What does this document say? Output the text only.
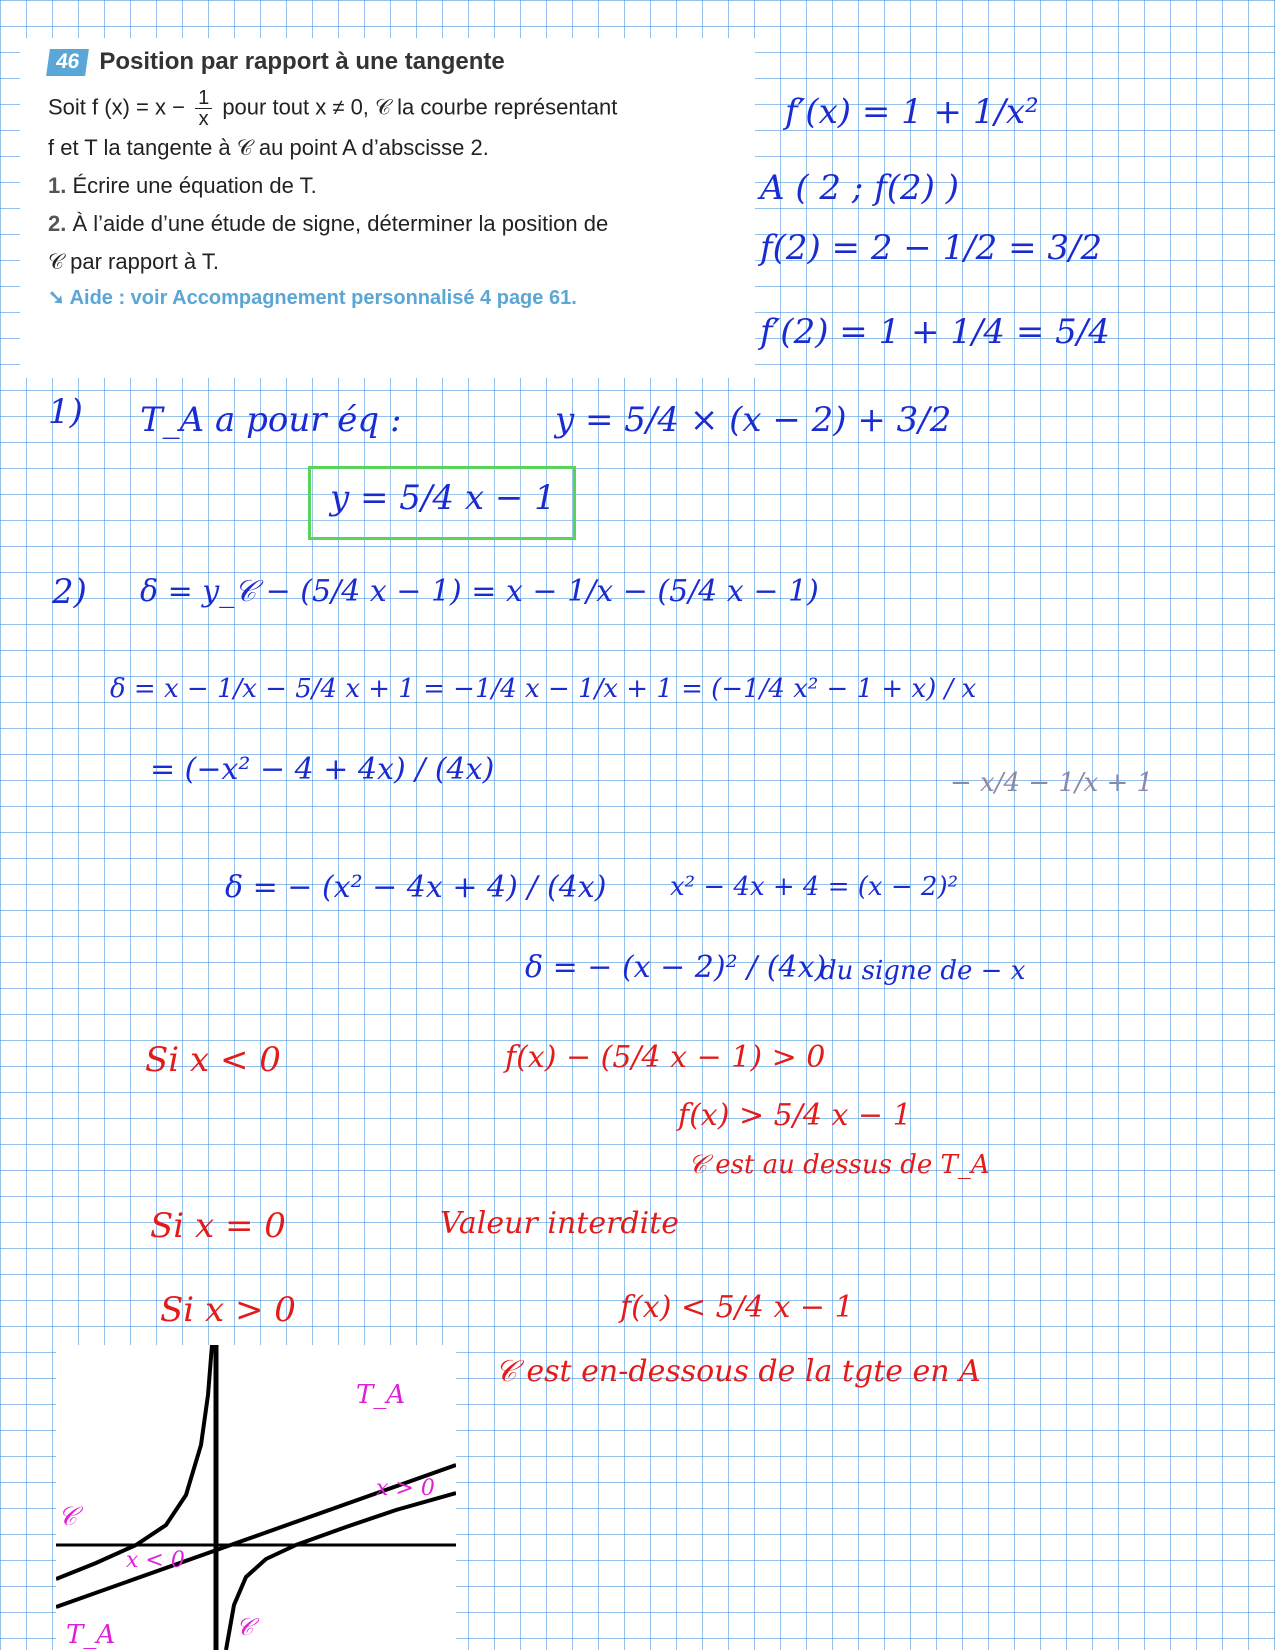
46 Position par rapport à une tangente
Soit f $(x) = x - \frac{1}{x}$ pour tout x ≠ 0, 𝒞 la courbe représentant
f et T la tangente à 𝒞 au point A d’abscisse 2.
1. Écrire une équation de T.
2. À l’aide d’une étude de signe, déterminer la position de
𝒞 par rapport à T.
➘ Aide : voir Accompagnement personnalisé 4 page 61.
f′(x) = 1 + 1/x²
A ( 2 ; f(2) )
f(2) = 2 − 1/2 = 3/2
f′(2) = 1 + 1/4 = 5/4
1) T_A a pour éq :	y = 5/4 × (x − 2) + 3/2
y = 5/4 x − 1
2) δ = y_𝒞 − (5/4 x − 1) = x − 1/x − (5/4 x − 1)
δ = x − 1/x − 5/4 x + 1 = −1/4 x − 1/x + 1 = (−1/4 x² − 1 + x) / x
= (−x² − 4 + 4x) / (4x)	− x/4 − 1/x + 1
δ = − (x² − 4x + 4) / (4x) x² − 4x + 4 = (x − 2)²
δ = − (x − 2)² / (4x)
du signe de − x
Si x < 0	f(x) − (5/4 x − 1) > 0
f(x) > 5/4 x − 1
𝒞 est au dessus de T_A
Si x = 0	Valeur interdite
Si x > 0	f(x) < 5/4 x − 1
𝒞 est en-dessous de la tgte en A
T_A
x > 0
𝒞
x < 0
T_A	𝒞
